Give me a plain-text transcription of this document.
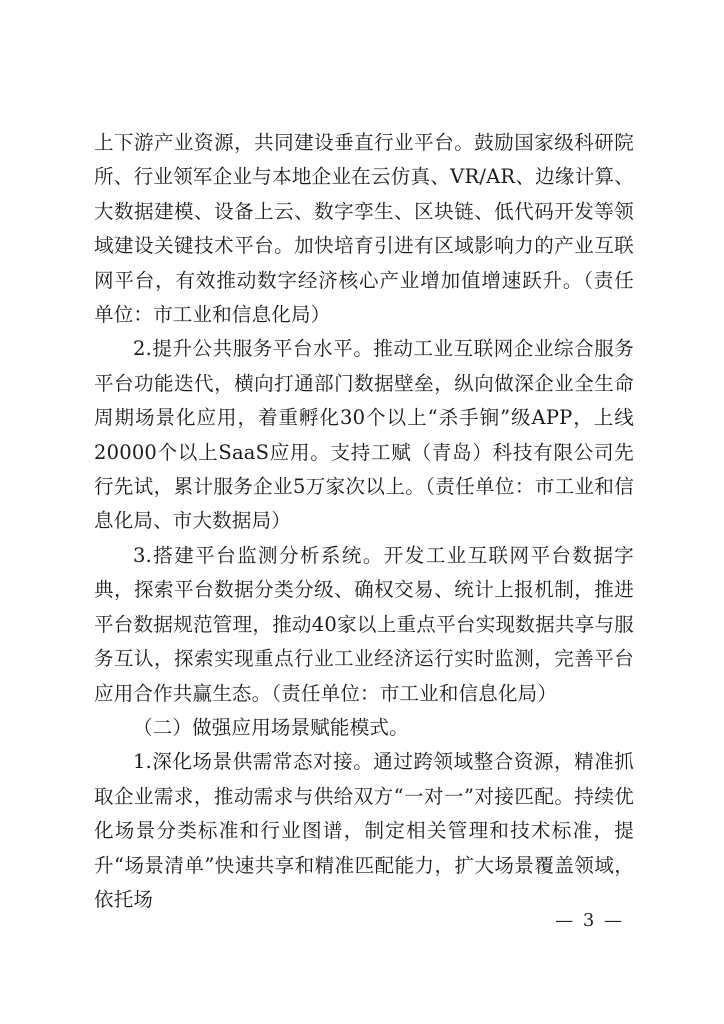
上下游产业资源，共同建设垂直行业平台。鼓励国家级科研院所、行业领军企业与本地企业在云仿真、VR/AR、边缘计算、大数据建模、设备上云、数字孪生、区块链、低代码开发等领域建设关键技术平台。加快培育引进有区域影响力的产业互联网平台，有效推动数字经济核心产业增加值增速跃升。（责任单位：市工业和信息化局）

2.提升公共服务平台水平。推动工业互联网企业综合服务平台功能迭代，横向打通部门数据壁垒，纵向做深企业全生命周期场景化应用，着重孵化30个以上“杀手锏”级APP，上线20000个以上SaaS应用。支持工赋（青岛）科技有限公司先行先试，累计服务企业5万家次以上。（责任单位：市工业和信息化局、市大数据局）

3.搭建平台监测分析系统。开发工业互联网平台数据字典，探索平台数据分类分级、确权交易、统计上报机制，推进平台数据规范管理，推动40家以上重点平台实现数据共享与服务互认，探索实现重点行业工业经济运行实时监测，完善平台应用合作共赢生态。（责任单位：市工业和信息化局）

（二）做强应用场景赋能模式。

1.深化场景供需常态对接。通过跨领域整合资源，精准抓取企业需求，推动需求与供给双方“一对一”对接匹配。持续优化场景分类标准和行业图谱，制定相关管理和技术标准，提升“场景清单”快速共享和精准匹配能力，扩大场景覆盖领域，依托场

— 3 —
